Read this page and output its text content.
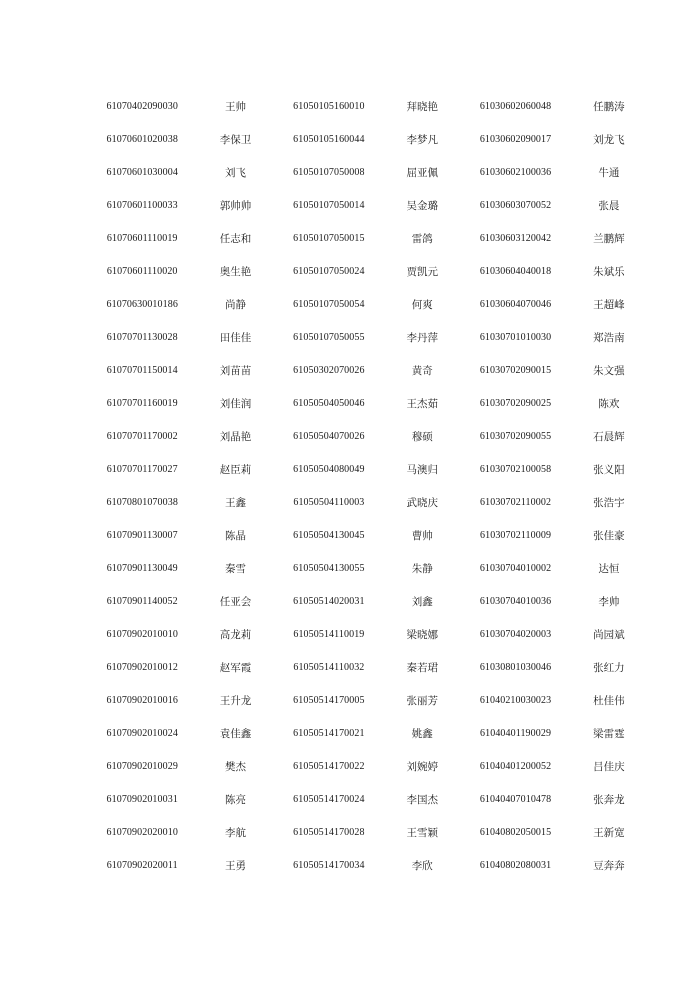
61070402090030	王帅	61050105160010	拜晓艳	61030602060048	任鹏涛
61070601020038	李保卫	61050105160044	李梦凡	61030602090017	刘龙飞
61070601030004	刘飞	61050107050008	屈亚佩	61030602100036	牛通
61070601100033	郭帅帅	61050107050014	吴金璐	61030603070052	张晨
61070601110019	任志和	61050107050015	雷鸽	61030603120042	兰鹏辉
61070601110020	奥生艳	61050107050024	贾凯元	61030604040018	朱斌乐
61070630010186	尚静	61050107050054	何爽	61030604070046	王超峰
61070701130028	田佳佳	61050107050055	李丹萍	61030701010030	郑浩南
61070701150014	刘苗苗	61050302070026	黄奇	61030702090015	朱文强
61070701160019	刘佳润	61050504050046	王杰茹	61030702090025	陈欢
61070701170002	刘晶艳	61050504070026	穆硕	61030702090055	石晨辉
61070701170027	赵臣莉	61050504080049	马澳归	61030702100058	张义阳
61070801070038	王鑫	61050504110003	武晓庆	61030702110002	张浩宇
61070901130007	陈晶	61050504130045	曹帅	61030702110009	张佳豪
61070901130049	秦雪	61050504130055	朱静	61030704010002	达恒
61070901140052	任亚会	61050514020031	刘鑫	61030704010036	李帅
61070902010010	高龙莉	61050514110019	梁晓娜	61030704020003	尚园斌
61070902010012	赵军霞	61050514110032	秦若珺	61030801030046	张红力
61070902010016	王升龙	61050514170005	张丽芳	61040210030023	杜佳伟
61070902010024	袁佳鑫	61050514170021	姚鑫	61040401190029	梁雷霆
61070902010029	樊杰	61050514170022	刘婉婷	61040401200052	吕佳庆
61070902010031	陈亮	61050514170024	李国杰	61040407010478	张奔龙
61070902020010	李航	61050514170028	王雪颖	61040802050015	王新宽
61070902020011	王勇	61050514170034	李欣	61040802080031	豆奔奔
